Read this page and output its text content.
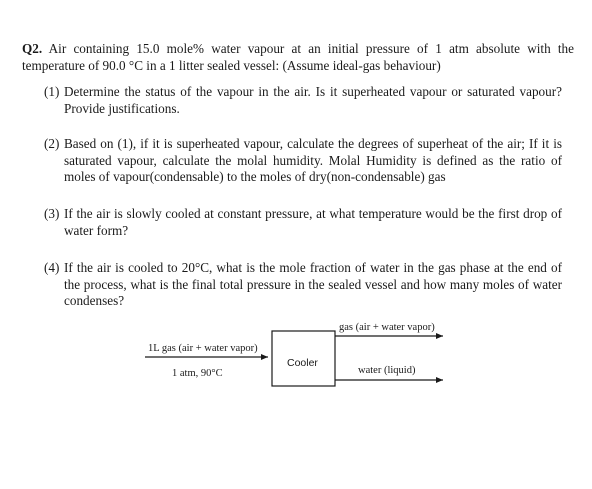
Q2. Air containing 15.0 mole% water vapour at an initial pressure of 1 atm absolute with the temperature of 90.0 °C in a 1 litter sealed vessel: (Assume ideal-gas behaviour)
(1) Determine the status of the vapour in the air. Is it superheated vapour or saturated vapour? Provide justifications.
(2) Based on (1), if it is superheated vapour, calculate the degrees of superheat of the air; If it is saturated vapour, calculate the molal humidity. Molal Humidity is defined as the ratio of moles of vapour(condensable) to the moles of dry(non-condensable) gas
(3) If the air is slowly cooled at constant pressure, at what temperature would be the first drop of water form?
(4) If the air is cooled to 20°C, what is the mole fraction of water in the gas phase at the end of the process, what is the final total pressure in the sealed vessel and how many moles of water condenses?
1L gas (air + water vapor)
1 atm, 90°C
Cooler
gas (air + water vapor)
water (liquid)
